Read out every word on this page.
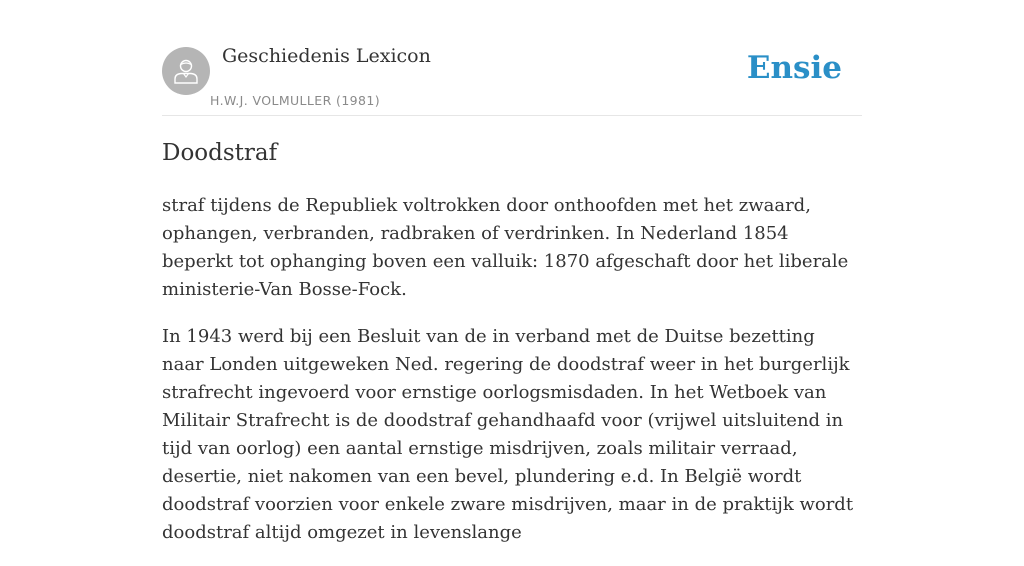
Geschiedenis Lexicon
H.W.J. VOLMULLER (1981)
Ensie
Doodstraf

straf tijdens de Republiek voltrokken door onthoofden met het zwaard, ophangen, verbranden, radbraken of verdrinken. In Nederland 1854 beperkt tot ophanging boven een valluik: 1870 afgeschaft door het liberale ministerie-Van Bosse-Fock.

In 1943 werd bij een Besluit van de in verband met de Duitse bezetting naar Londen uitgeweken Ned. regering de doodstraf weer in het burgerlijk strafrecht ingevoerd voor ernstige oorlogsmisdaden. In het Wetboek van Militair Strafrecht is de doodstraf gehandhaafd voor (vrijwel uitsluitend in tijd van oorlog) een aantal ernstige misdrijven, zoals militair verraad, desertie, niet nakomen van een bevel, plundering e.d. In België wordt doodstraf voorzien voor enkele zware misdrijven, maar in de praktijk wordt doodstraf altijd omgezet in levenslange
